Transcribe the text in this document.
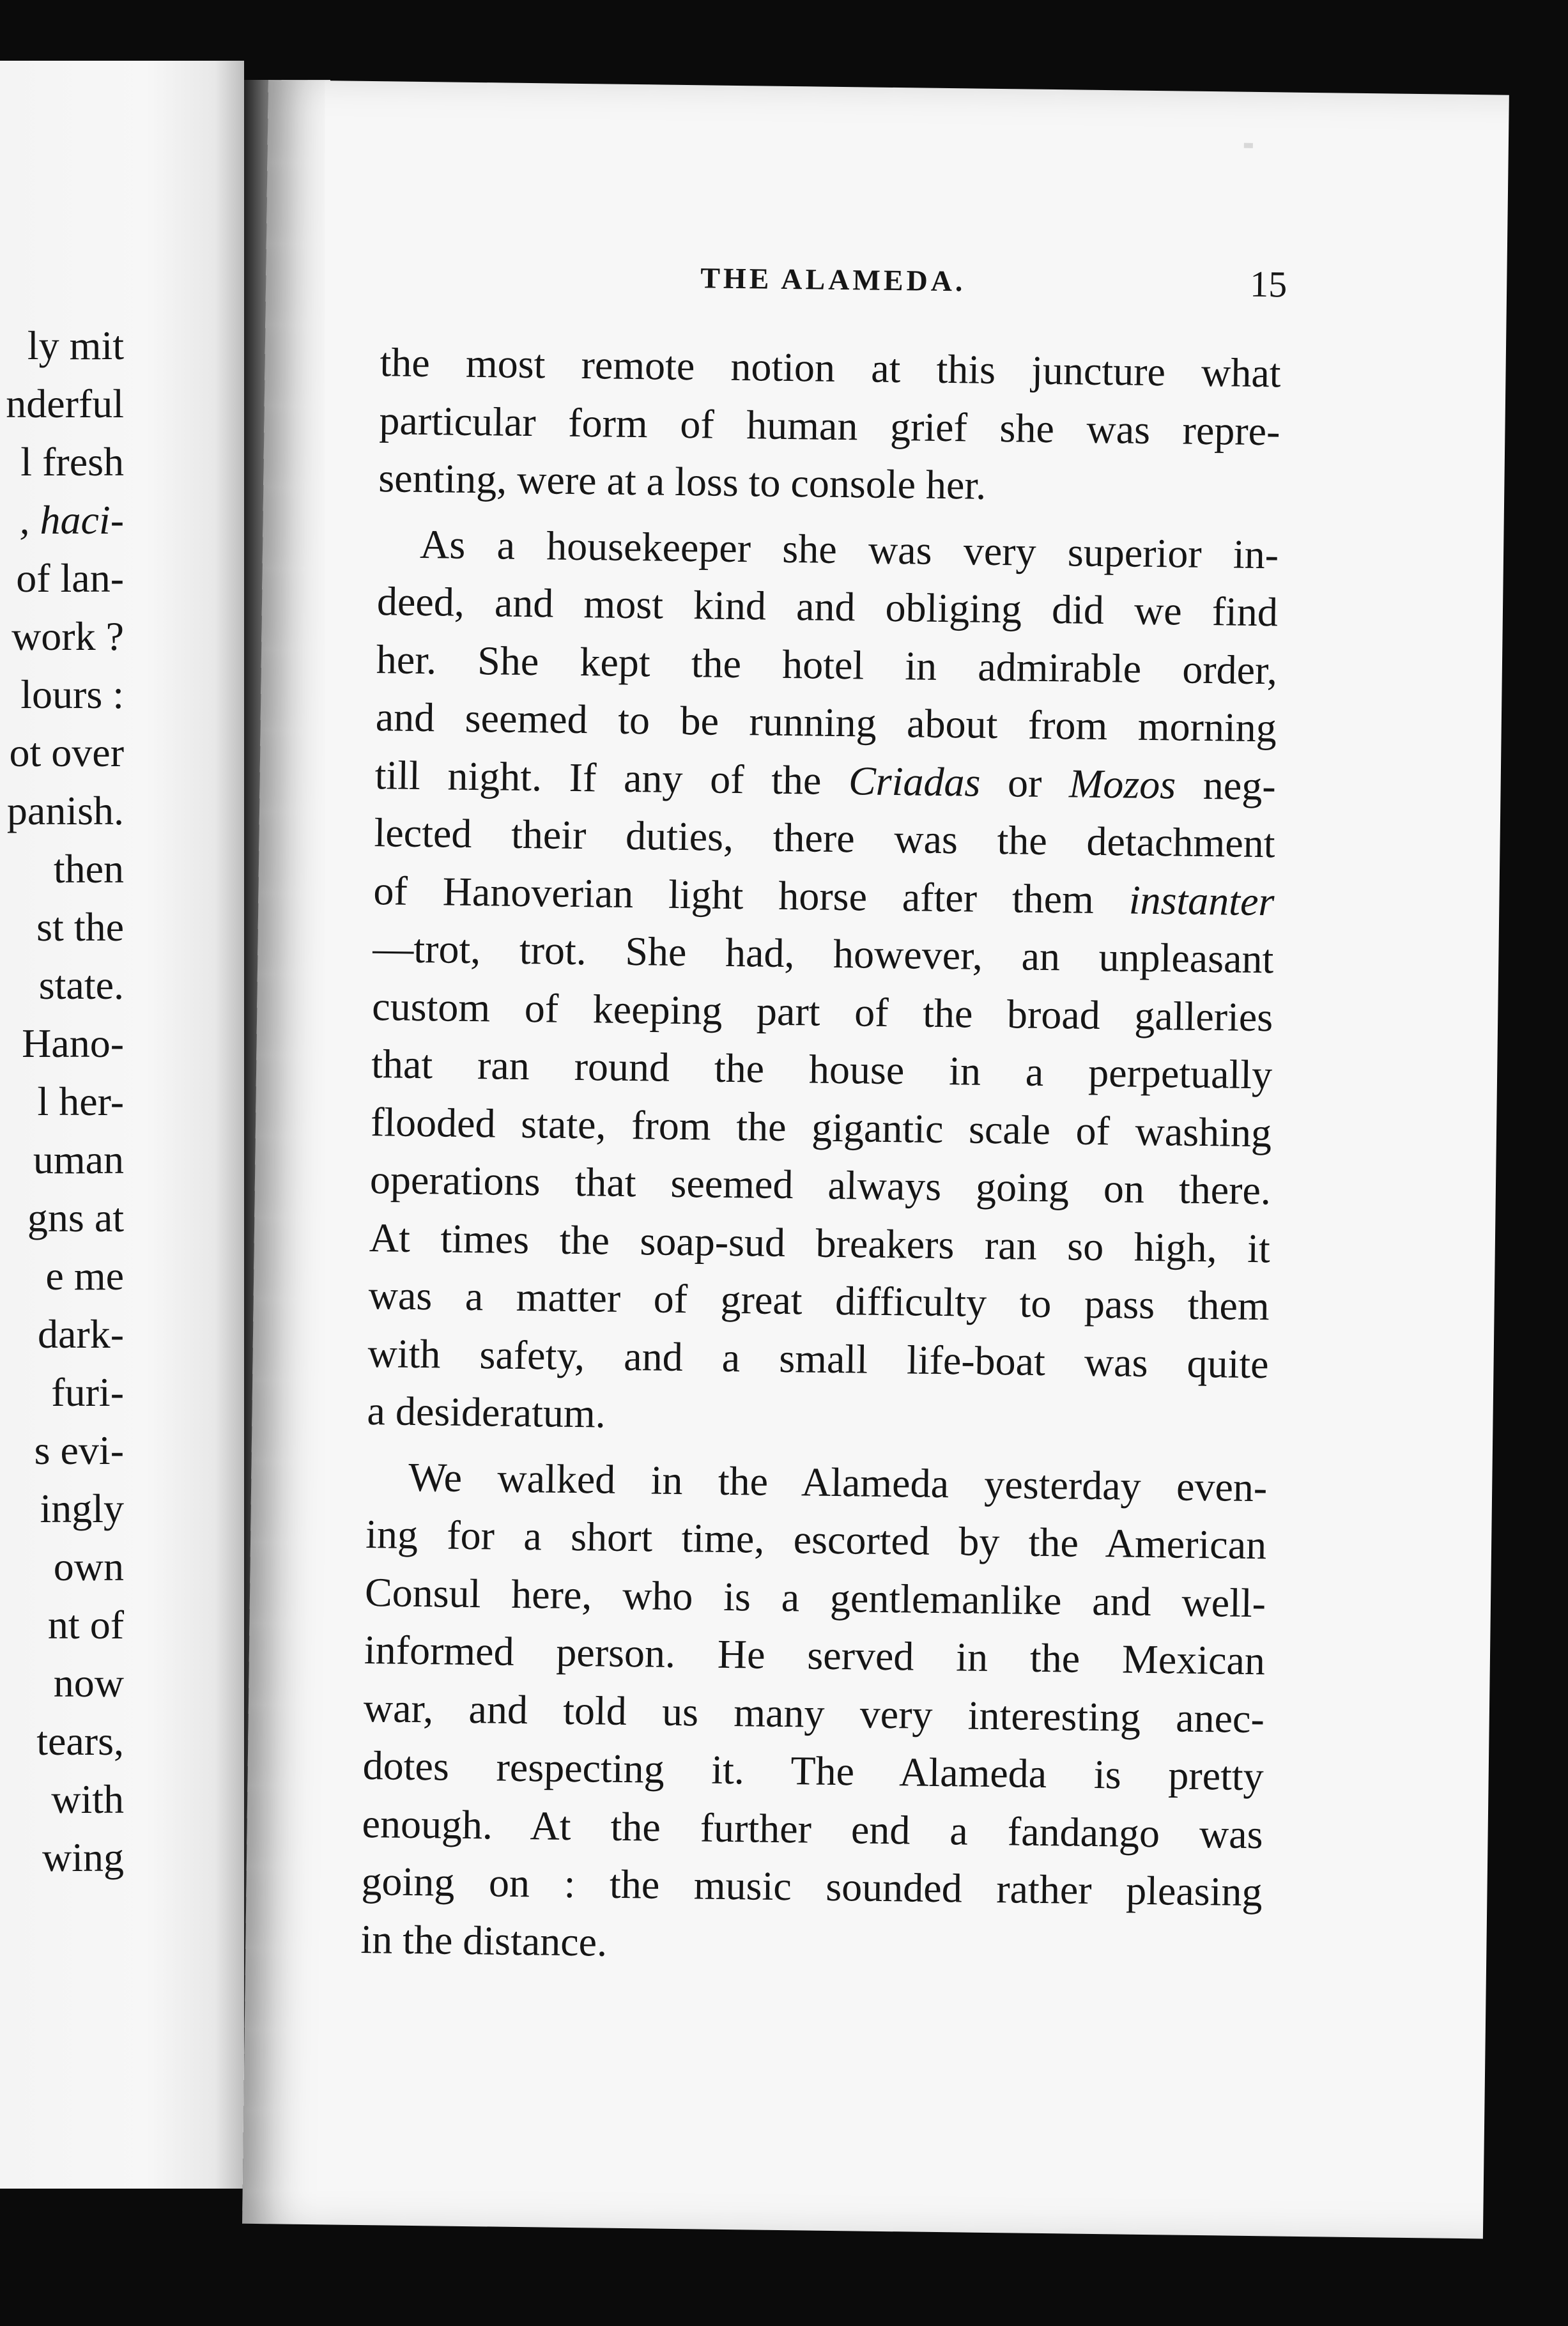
ly mit
nderful
l fresh
, haci-
of lan-
work ?
lours :
ot over
panish.
then
st the
state.
Hano-
l her-
uman
gns at
e me
dark-
furi-
s evi-
ingly
own
nt of
now
tears,
with
wing
THE ALAMEDA.	15
the most remote notion at this juncture what
particular form of human grief she was repre-
senting, were at a loss to console her.
As a housekeeper she was very superior in-
deed, and most kind and obliging did we find
her. She kept the hotel in admirable order,
and seemed to be running about from morning
till night. If any of the Criadas or Mozos neg-
lected their duties, there was the detachment
of Hanoverian light horse after them instanter
—trot, trot. She had, however, an unpleasant
custom of keeping part of the broad galleries
that ran round the house in a perpetually
flooded state, from the gigantic scale of washing
operations that seemed always going on there.
At times the soap-sud breakers ran so high, it
was a matter of great difficulty to pass them
with safety, and a small life-boat was quite
a desideratum.
We walked in the Alameda yesterday even-
ing for a short time, escorted by the American
Consul here, who is a gentlemanlike and well-
informed person. He served in the Mexican
war, and told us many very interesting anec-
dotes respecting it. The Alameda is pretty
enough. At the further end a fandango was
going on : the music sounded rather pleasing
in the distance.
